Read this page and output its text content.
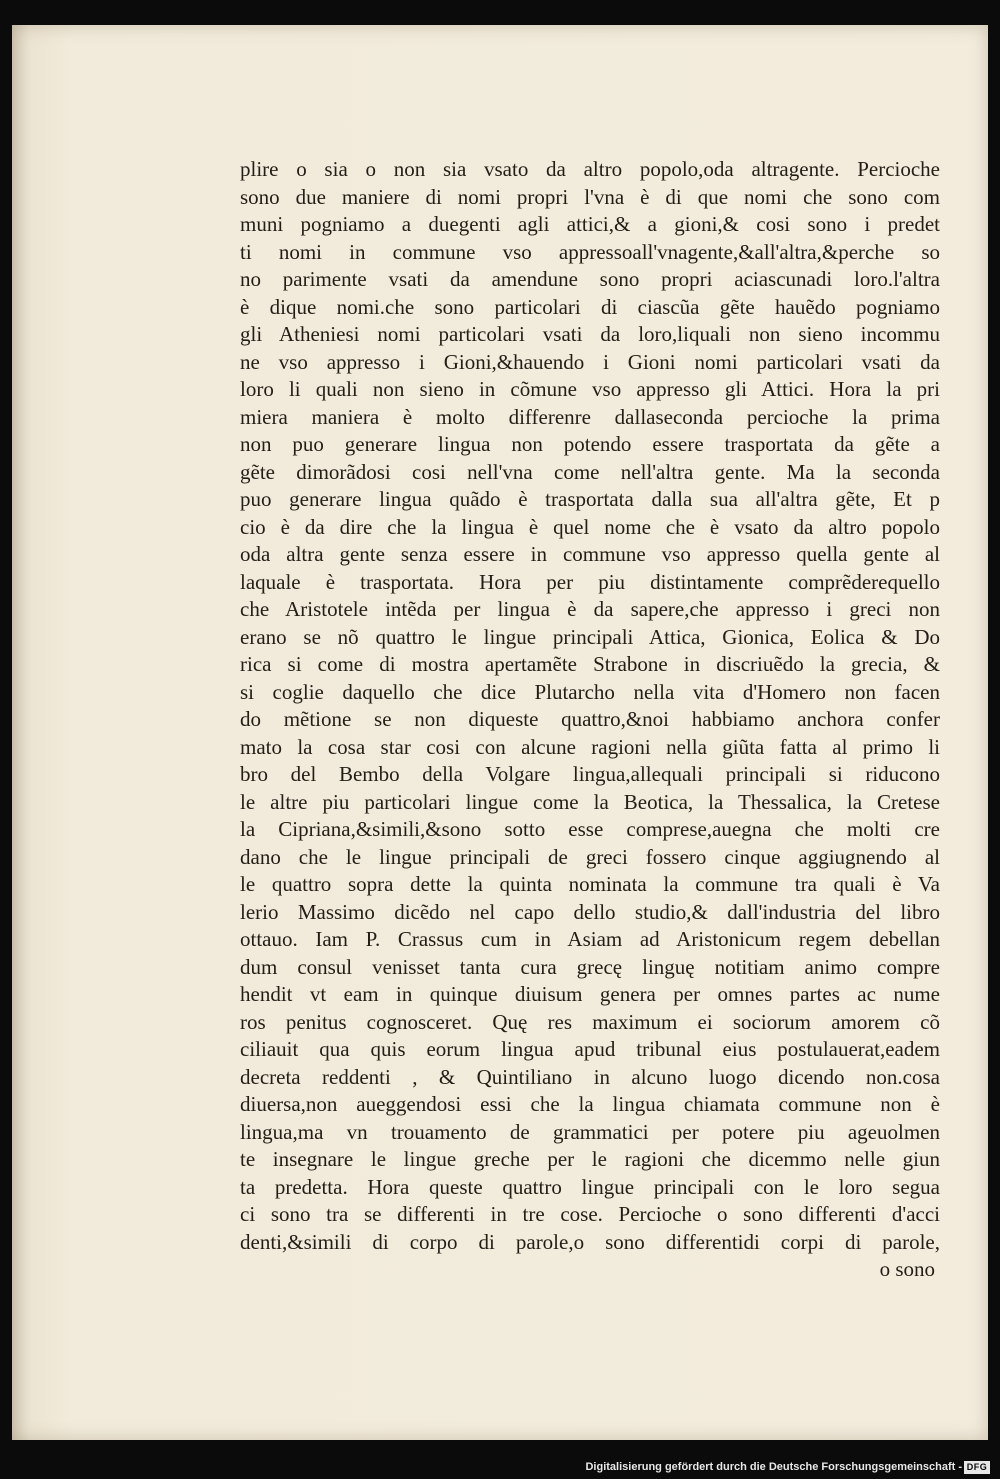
plire o sia o non sia vsato da altro popolo,oda altragente. Percioche
sono due maniere di nomi propri l'vna è di que nomi che sono com
muni pogniamo a duegenti agli attici,& a gioni,& cosi sono i predet
ti nomi in commune vso appressoall'vnagente,&all'altra,&perche so
no parimente vsati da amendune sono propri aciascunadi loro.l'altra
è dique nomi.che sono particolari di ciascũa gẽte hauẽdo pogniamo
gli Atheniesi nomi particolari vsati da loro,liquali non sieno incommu
ne vso appresso i Gioni,&hauendo i Gioni nomi particolari vsati da
loro li quali non sieno in cõmune vso appresso gli Attici. Hora la pri
miera maniera è molto differenre dallaseconda percioche la prima
non puo generare lingua non potendo essere trasportata da gẽte a
gẽte dimorãdosi cosi nell'vna come nell'altra gente. Ma la seconda
puo generare lingua quãdo è trasportata dalla sua all'altra gẽte, Et p
cio è da dire che la lingua è quel nome che è vsato da altro popolo
oda altra gente senza essere in commune vso appresso quella gente al
laquale è trasportata. Hora per piu distintamente comprẽderequello
che Aristotele intẽda per lingua è da sapere,che appresso i greci non
erano se nõ quattro le lingue principali Attica, Gionica, Eolica & Do
rica si come di mostra apertamẽte Strabone in discriuẽdo la grecia, &
si coglie daquello che dice Plutarcho nella vita d'Homero non facen
do mẽtione se non diqueste quattro,&noi habbiamo anchora confer
mato la cosa star cosi con alcune ragioni nella giũta fatta al primo li
bro del Bembo della Volgare lingua,allequali principali si riducono
le altre piu particolari lingue come la Beotica, la Thessalica, la Cretese
la Cipriana,&simili,&sono sotto esse comprese,auegna che molti cre
dano che le lingue principali de greci fossero cinque aggiugnendo al
le quattro sopra dette la quinta nominata la commune tra quali è Va
lerio Massimo dicẽdo nel capo dello studio,& dall'industria del libro
ottauo. Iam P. Crassus cum in Asiam ad Aristonicum regem debellan
dum consul venisset tanta cura grecę linguę notitiam animo compre
hendit vt eam in quinque diuisum genera per omnes partes ac nume
ros penitus cognosceret. Quę res maximum ei sociorum amorem cõ
ciliauit qua quis eorum lingua apud tribunal eius postulauerat,eadem
decreta reddenti , & Quintiliano in alcuno luogo dicendo non.cosa
diuersa,non aueggendosi essi che la lingua chiamata commune non è
lingua,ma vn trouamento de grammatici per potere piu ageuolmen
te insegnare le lingue greche per le ragioni che dicemmo nelle giun
ta predetta. Hora queste quattro lingue principali con le loro segua
ci sono tra se differenti in tre cose. Percioche o sono differenti d'acci
denti,&simili di corpo di parole,o sono differentidi corpi di parole,
o sono
Digitalisierung gefördert durch die Deutsche Forschungsgemeinschaft - DFG
